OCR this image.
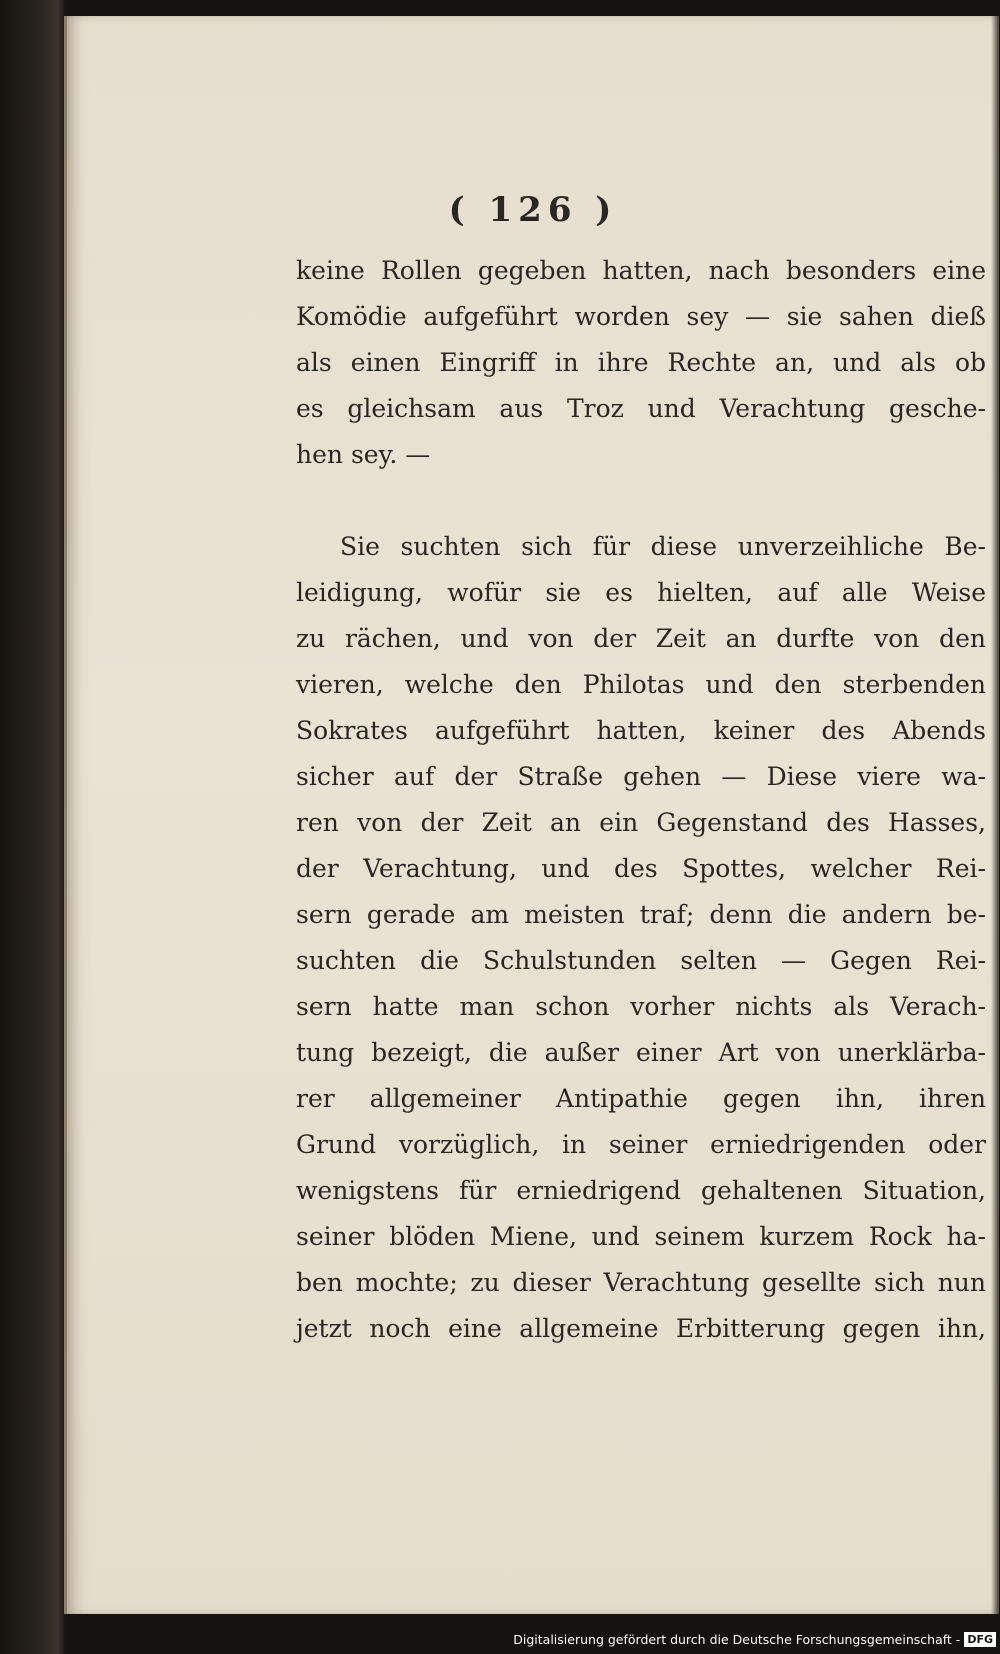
( 126 )
keine Rollen gegeben hatten, nach besonders eine
Komödie aufgeführt worden sey — sie sahen dieß
als einen Eingriff in ihre Rechte an, und als ob
es gleichsam aus Troz und Verachtung gesche-
hen sey. —
Sie suchten sich für diese unverzeihliche Be-
leidigung, wofür sie es hielten, auf alle Weise
zu rächen, und von der Zeit an durfte von den
vieren, welche den Philotas und den sterbenden
Sokrates aufgeführt hatten, keiner des Abends
sicher auf der Straße gehen — Diese viere wa-
ren von der Zeit an ein Gegenstand des Hasses,
der Verachtung, und des Spottes, welcher Rei-
sern gerade am meisten traf; denn die andern be-
suchten die Schulstunden selten — Gegen Rei-
sern hatte man schon vorher nichts als Verach-
tung bezeigt, die außer einer Art von unerklärba-
rer allgemeiner Antipathie gegen ihn, ihren
Grund vorzüglich, in seiner erniedrigenden oder
wenigstens für erniedrigend gehaltenen Situation,
seiner blöden Miene, und seinem kurzem Rock ha-
ben mochte; zu dieser Verachtung gesellte sich nun
jetzt noch eine allgemeine Erbitterung gegen ihn,
Digitalisierung gefördert durch die Deutsche Forschungsgemeinschaft - DFG
